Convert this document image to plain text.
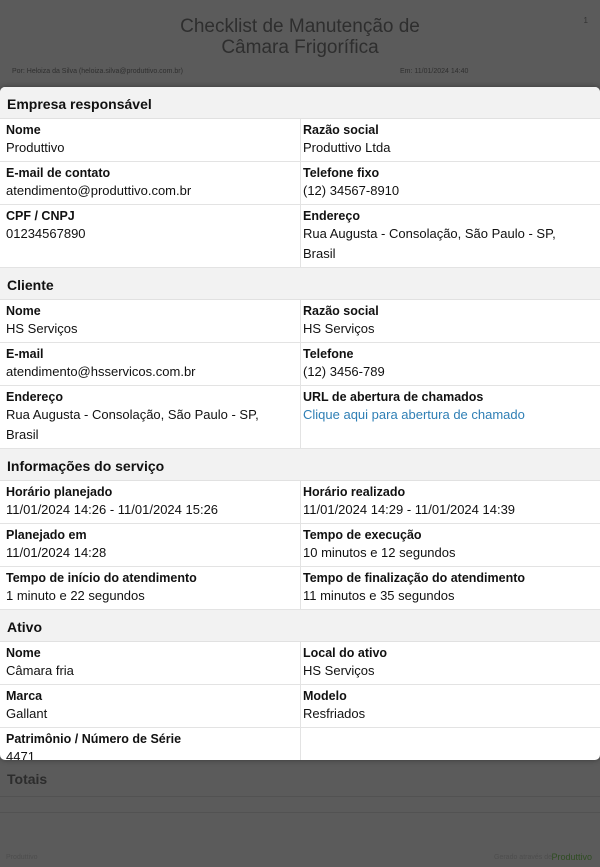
Checklist de Manutenção de
Câmara Frigorífica
1
Por: Heloiza da Silva (heloiza.silva@produttivo.com.br)	Em: 11/01/2024 14:40
Totais
Produttivo	Gerado através de Produttivo
Empresa responsável
Nome
Produttivo
Razão social
Produttivo Ltda
E-mail de contato
atendimento@produttivo.com.br
Telefone fixo
(12) 34567-8910
CPF / CNPJ
01234567890
Endereço
Rua Augusta - Consolação, São Paulo - SP,
Brasil
Cliente
Nome
HS Serviços
Razão social
HS Serviços
E-mail
atendimento@hsservicos.com.br
Telefone
(12) 3456-789
Endereço
Rua Augusta - Consolação, São Paulo - SP,
Brasil
URL de abertura de chamados
Clique aqui para abertura de chamado
Informações do serviço
Horário planejado
11/01/2024 14:26 - 11/01/2024 15:26
Horário realizado
11/01/2024 14:29 - 11/01/2024 14:39
Planejado em
11/01/2024 14:28
Tempo de execução
10 minutos e 12 segundos
Tempo de início do atendimento
1 minuto e 22 segundos
Tempo de finalização do atendimento
11 minutos e 35 segundos
Ativo
Nome
Câmara fria
Local do ativo
HS Serviços
Marca
Gallant
Modelo
Resfriados
Patrimônio / Número de Série
4471
